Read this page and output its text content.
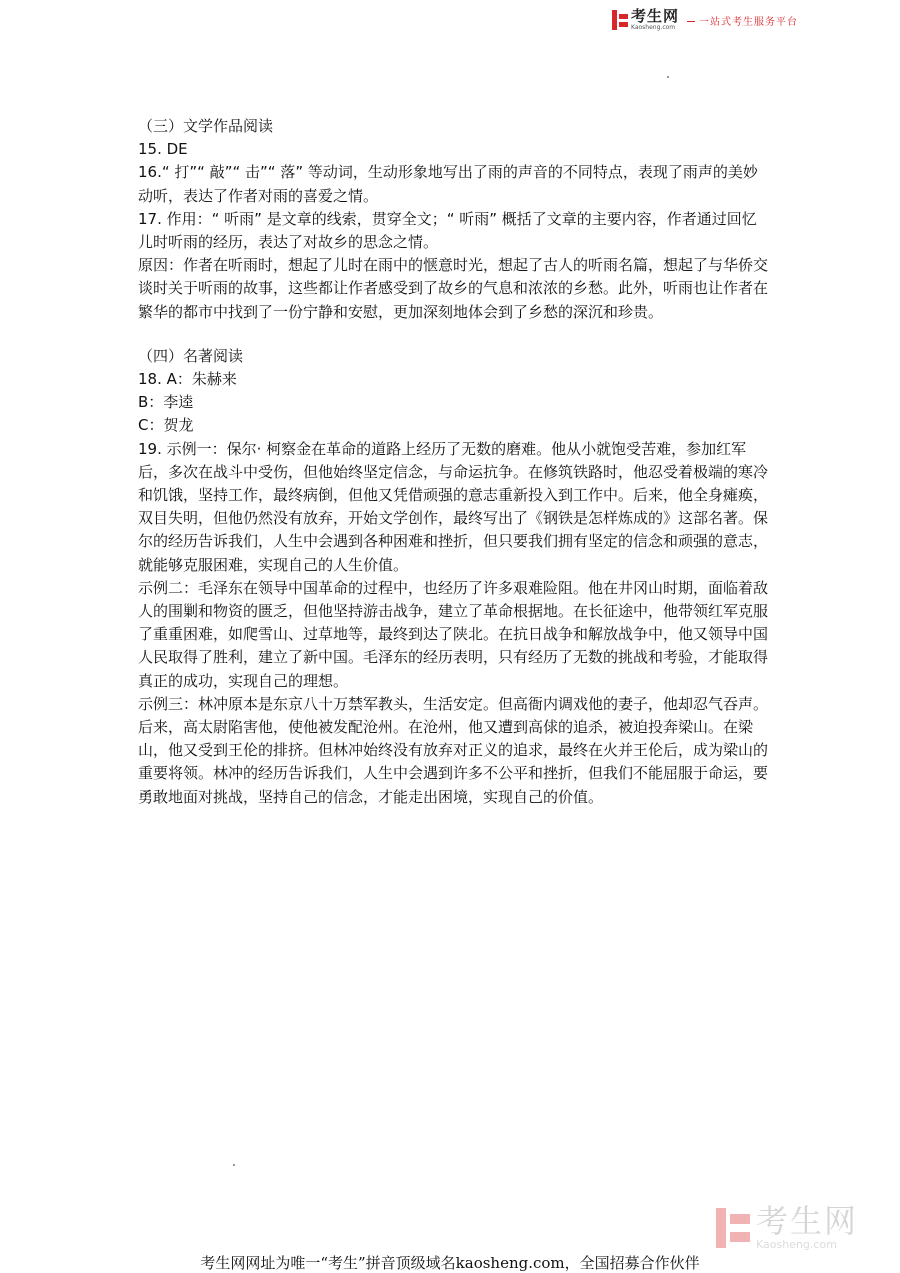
考生网
Kaosheng.com	一站式考生服务平台

（三）文学作品阅读

15. DE

16.“ 打”“ 敲”“ 击”“ 落” 等动词，生动形象地写出了雨的声音的不同特点，表现了雨声的美妙动听，表达了作者对雨的喜爱之情。

17. 作用：“ 听雨” 是文章的线索，贯穿全文；“ 听雨” 概括了文章的主要内容，作者通过回忆儿时听雨的经历，表达了对故乡的思念之情。

原因：作者在听雨时，想起了儿时在雨中的惬意时光，想起了古人的听雨名篇，想起了与华侨交谈时关于听雨的故事，这些都让作者感受到了故乡的气息和浓浓的乡愁。此外，听雨也让作者在繁华的都市中找到了一份宁静和安慰，更加深刻地体会到了乡愁的深沉和珍贵。

（四）名著阅读

18. A：朱赫来

B：李逵

C：贺龙

19. 示例一：保尔· 柯察金在革命的道路上经历了无数的磨难。他从小就饱受苦难，参加红军后，多次在战斗中受伤，但他始终坚定信念，与命运抗争。在修筑铁路时，他忍受着极端的寒冷和饥饿，坚持工作，最终病倒，但他又凭借顽强的意志重新投入到工作中。后来，他全身瘫痪，双目失明，但他仍然没有放弃，开始文学创作，最终写出了《钢铁是怎样炼成的》这部名著。保尔的经历告诉我们，人生中会遇到各种困难和挫折，但只要我们拥有坚定的信念和顽强的意志，就能够克服困难，实现自己的人生价值。

示例二：毛泽东在领导中国革命的过程中，也经历了许多艰难险阻。他在井冈山时期，面临着敌人的围剿和物资的匮乏，但他坚持游击战争，建立了革命根据地。在长征途中，他带领红军克服了重重困难，如爬雪山、过草地等，最终到达了陕北。在抗日战争和解放战争中，他又领导中国人民取得了胜利，建立了新中国。毛泽东的经历表明，只有经历了无数的挑战和考验，才能取得真正的成功，实现自己的理想。

示例三：林冲原本是东京八十万禁军教头，生活安定。但高衙内调戏他的妻子，他却忍气吞声。后来，高太尉陷害他，使他被发配沧州。在沧州，他又遭到高俅的追杀，被迫投奔梁山。在梁山，他又受到王伦的排挤。但林冲始终没有放弃对正义的追求，最终在火并王伦后，成为梁山的重要将领。林冲的经历告诉我们，人生中会遇到许多不公平和挫折，但我们不能屈服于命运，要勇敢地面对挑战，坚持自己的信念，才能走出困境，实现自己的价值。

考生网
Kaosheng.com
考生网网址为唯一“考生”拼音顶级域名kaosheng.com，全国招募合作伙伴
